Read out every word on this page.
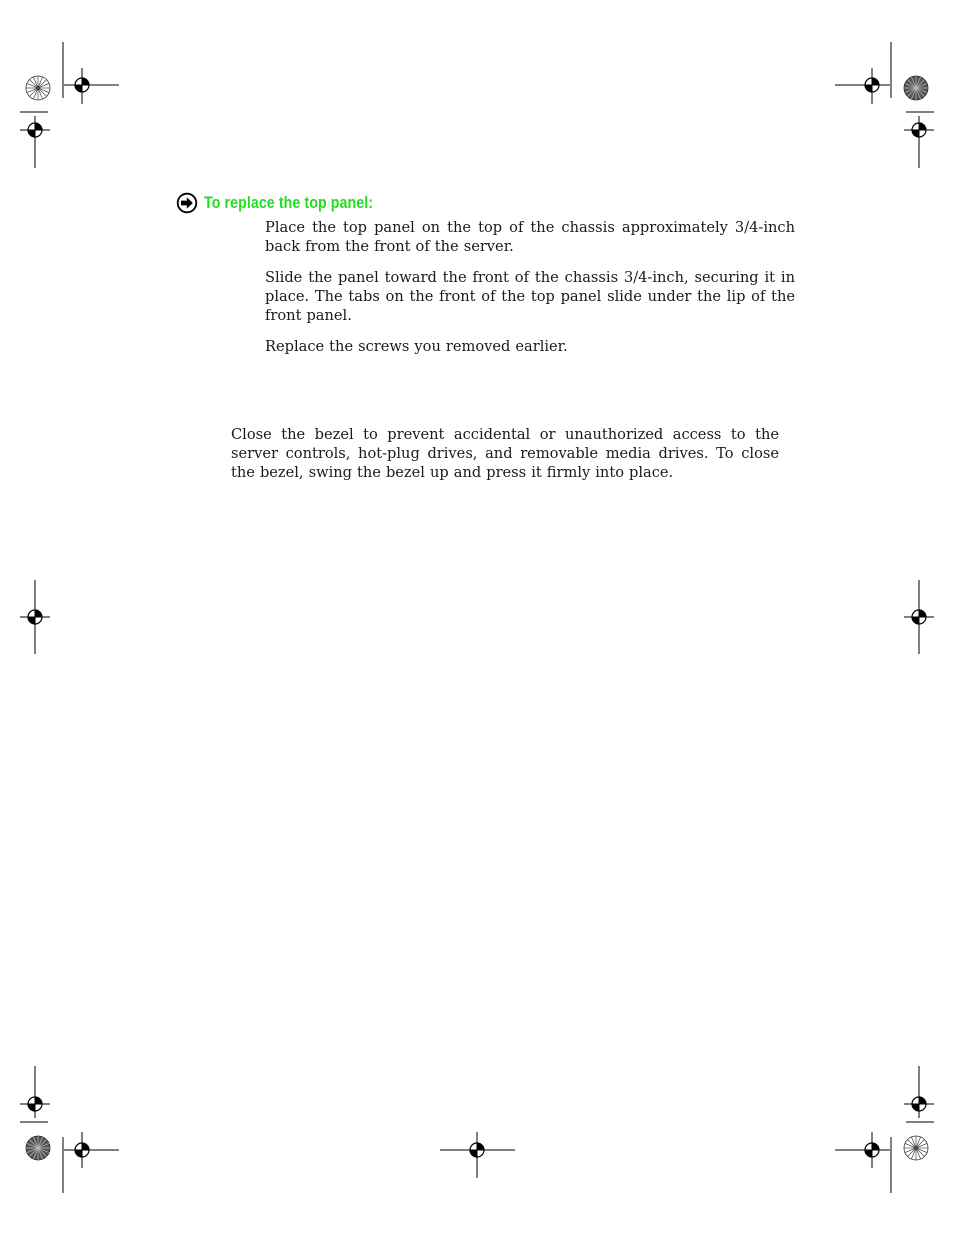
To replace the top panel:

Place the top panel on the top of the chassis approximately 3/4-inch back from the front of the server.

Slide the panel toward the front of the chassis 3/4-inch, securing it in place. The tabs on the front of the top panel slide under the lip of the front panel.

Replace the screws you removed earlier.

Close the bezel to prevent accidental or unauthorized access to the server controls, hot-plug drives, and removable media drives. To close the bezel, swing the bezel up and press it firmly into place.
